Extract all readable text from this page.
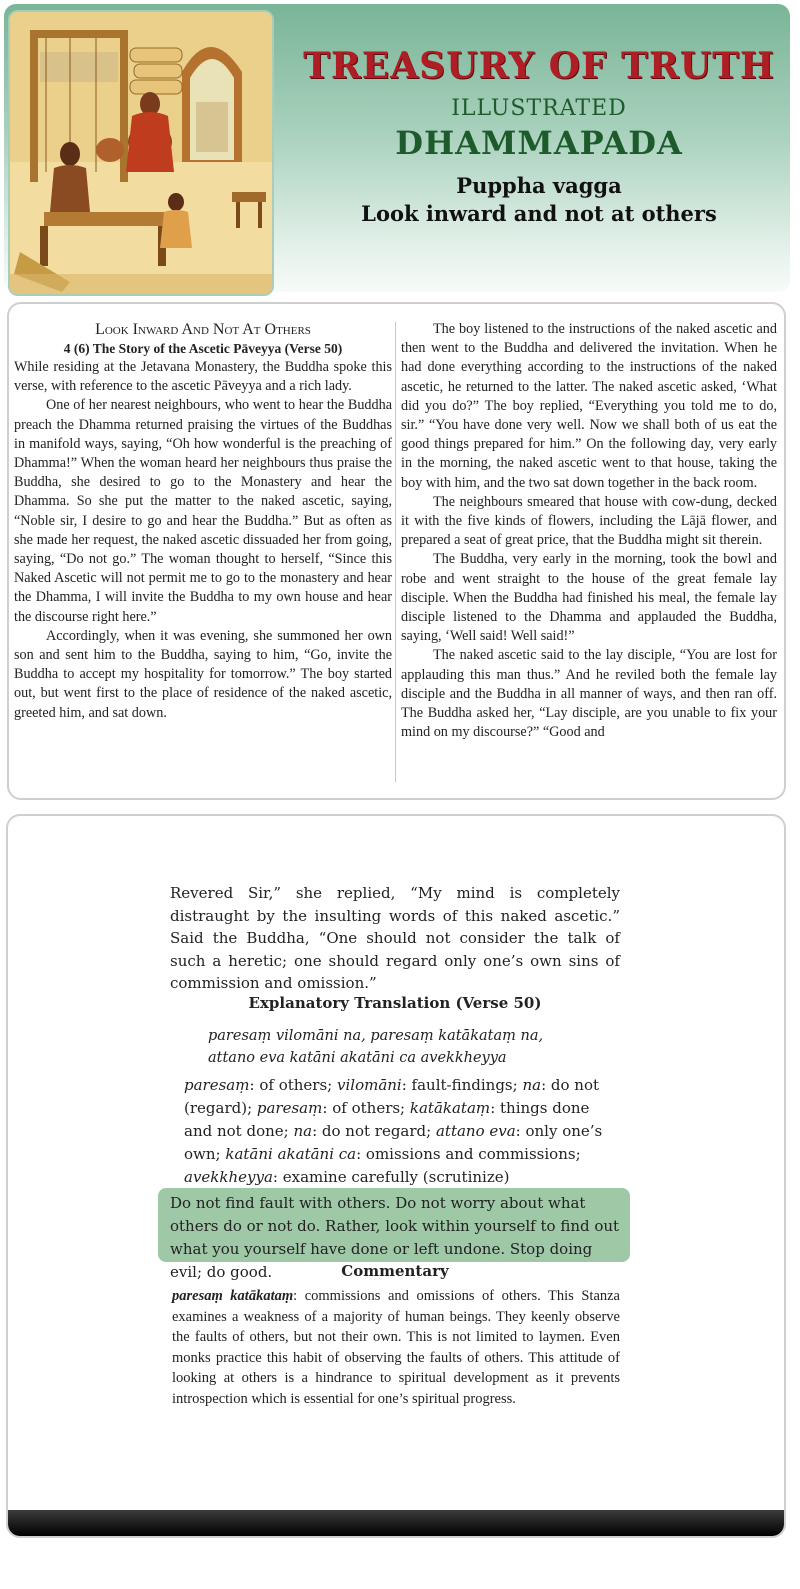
TREASURY OF TRUTH
ILLUSTRATED
DHAMMAPADA
Puppha vagga
Look inward and not at others

Look Inward And Not At Others

4 (6) The Story of the Ascetic Pāveyya (Verse 50)

While residing at the Jetavana Monastery, the Buddha spoke this verse, with reference to the ascetic Pāveyya and a rich lady.

One of her nearest neighbours, who went to hear the Buddha preach the Dhamma returned praising the virtues of the Buddhas in manifold ways, saying, “Oh how wonderful is the preaching of Dhamma!” When the woman heard her neighbours thus praise the Buddha, she desired to go to the Monastery and hear the Dhamma. So she put the matter to the naked ascetic, saying, “Noble sir, I desire to go and hear the Buddha.” But as often as she made her request, the naked ascetic dissuaded her from going, saying, “Do not go.” The woman thought to herself, “Since this Naked Ascetic will not permit me to go to the monastery and hear the Dhamma, I will invite the Buddha to my own house and hear the discourse right here.”

Accordingly, when it was evening, she summoned her own son and sent him to the Buddha, saying to him, “Go, invite the Buddha to accept my hospitality for tomorrow.” The boy started out, but went first to the place of residence of the naked ascetic, greeted him, and sat down.

The boy listened to the instructions of the naked ascetic and then went to the Buddha and delivered the invitation. When he had done everything according to the instructions of the naked ascetic, he returned to the latter. The naked ascetic asked, ‘What did you do?” The boy replied, “Everything you told me to do, sir.” “You have done very well. Now we shall both of us eat the good things prepared for him.” On the following day, very early in the morning, the naked ascetic went to that house, taking the boy with him, and the two sat down together in the back room.

The neighbours smeared that house with cow-dung, decked it with the five kinds of flowers, including the Lājā flower, and prepared a seat of great price, that the Buddha might sit therein.

The Buddha, very early in the morning, took the bowl and robe and went straight to the house of the great female lay disciple. When the Buddha had finished his meal, the female lay disciple listened to the Dhamma and applauded the Buddha, saying, ‘Well said! Well said!”

The naked ascetic said to the lay disciple, “You are lost for applauding this man thus.” And he reviled both the female lay disciple and the Buddha in all manner of ways, and then ran off. The Buddha asked her, “Lay disciple, are you unable to fix your mind on my discourse?” “Good and

Revered Sir,” she replied, “My mind is completely distraught by the insulting words of this naked ascetic.” Said the Buddha, “One should not consider the talk of such a heretic; one should regard only one’s own sins of commission and omission.”

Explanatory Translation (Verse 50)

paresaṃ vilomāni na, paresaṃ katākataṃ na,

attano eva katāni akatāni ca avekkheyya

paresaṃ: of others; vilomāni: fault-findings; na: do not (regard); paresaṃ: of others; katākataṃ: things done and not done; na: do not regard; attano eva: only one’s own; katāni akatāni ca: omissions and commissions; avekkheyya: examine carefully (scrutinize)

Do not find fault with others. Do not worry about what others do or not do. Rather, look within yourself to find out what you yourself have done or left undone. Stop doing evil; do good.	Commentary

paresaṃ katākataṃ: commissions and omissions of others. This Stanza examines a weakness of a majority of human beings. They keenly observe the faults of others, but not their own. This is not limited to laymen. Even monks practice this habit of observing the faults of others. This attitude of looking at others is a hindrance to spiritual development as it prevents introspection which is essential for one’s spiritual progress.
